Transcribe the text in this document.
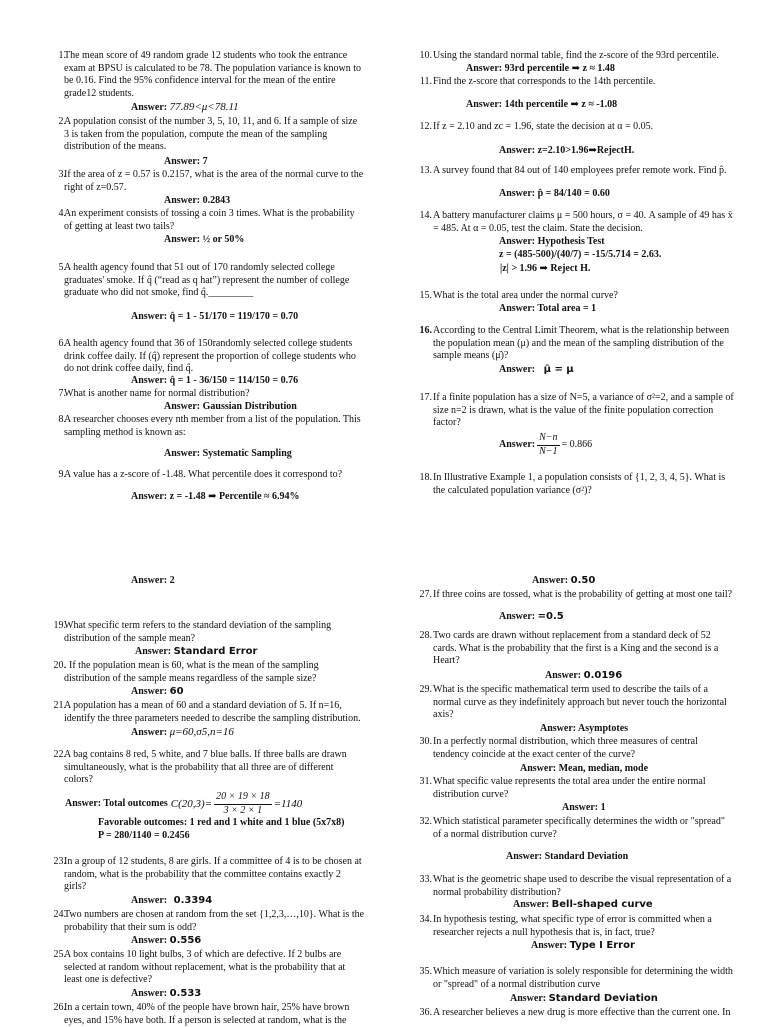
1.
The mean score of 49 random grade 12 students who took the entrance exam at BPSU is calculated to be 78. The population variance is known to be 0.16. Find the 95% confidence interval for the mean of the entire grade12 students.
Answer: 77.89<μ<78.11
2.
A population consist of the number 3, 5, 10, 11, and 6. If a sample of size 3 is taken from the population, compute the mean of the sampling distribution of the means.
Answer: 7
3.
If the area of z = 0.57 is 0.2157, what is the area of the normal curve to the right of z=0.57.
Answer: 0.2843
4.
An experiment consists of tossing a coin 3 times. What is the probability of getting at least two tails?
Answer: ½ or 50%
5.
A health agency found that 51 out of 170 randomly selected college graduates' smoke. If q̂ (“read as q hat”) represent the number of college graduate who did not smoke, find q̂._________
Answer: q̂ = 1 - 51/170 = 119/170 = 0.70
6.
A health agency found that 36 of 150randomly selected college students drink coffee daily. If (q̂) represent the proportion of college students who do not drink coffee daily, find q̂.
Answer: q̂ = 1 - 36/150 = 114/150 = 0.76
7.
What is another name for normal distribution?
Answer: Gaussian Distribution
8.
A researcher chooses every nth member from a list of the population. This sampling method is known as:
Answer: Systematic Sampling
9.
A value has a z-score of -1.48. What percentile does it correspond to?
Answer: z = -1.48 ➡ Percentile ≈ 6.94%
Answer: 2
19.
What specific term refers to the standard deviation of the sampling distribution of the sample mean?
Answer: Standard Error
20.
. If the population mean is 60, what is the mean of the sampling distribution of the sample means regardless of the sample size?
Answer: 60
21.
A population has a mean of 60 and a standard deviation of 5. If n=16, identify the three parameters needed to describe the sampling distribution.
Answer: μ=60,σ5,n=16
22.
A bag contains 8 red, 5 white, and 7 blue balls. If three balls are drawn simultaneously, what is the probability that all three are of different colors?
Answer: Total outcomes $C(20,3)= \frac{20 \times 19 \times 18}{3 \times 2 \times 1} =1140$
Favorable outcomes: 1 red and 1 white and 1 blue (5x7x8)
P = 280/1140 = 0.2456
23.
In a group of 12 students, 8 are girls. If a committee of 4 is to be chosen at random, what is the probability that the committee contains exactly 2 girls?
Answer: 0.3394
24.
Two numbers are chosen at random from the set {1,2,3,…,10}. What is the probability that their sum is odd?
Answer: 0.556
25.
A box contains 10 light bulbs, 3 of which are defective. If 2 bulbs are selected at random without replacement, what is the probability that at least one is defective?
Answer: 0.533
26.
In a certain town, 40% of the people have brown hair, 25% have brown eyes, and 15% have both. If a person is selected at random, what is the
10. Using the standard normal table, find the z-score of the 93rd percentile.
Answer: 93rd percentile ➡ z ≈ 1.48
11. Find the z-score that corresponds to the 14th percentile.
Answer: 14th percentile ➡ z ≈ -1.08
12. If z = 2.10 and zc = 1.96, state the decision at α = 0.05.
Answer: z=2.10>1.96➡RejectH.
13. A survey found that 84 out of 140 employees prefer remote work. Find p̂.
Answer: p̂ = 84/140 = 0.60
14. A battery manufacturer claims μ = 500 hours, σ = 40. A sample of 49 has x̄ = 485. At α = 0.05, test the claim. State the decision.
Answer: Hypothesis Test
z = (485-500)/(40/7) = -15/5.714 = 2.63.
|z| > 1.96 ➡ Reject H.
15. What is the total area under the normal curve?
Answer: Total area = 1
16. According to the Central Limit Theorem, what is the relationship between the population mean (μ) and the mean of the sampling distribution of the sample means (μ̄)?
Answer: μ̄ = μ
17. If a finite population has a size of N=5, a variance of σ²=2, and a sample of size n=2 is drawn, what is the value of the finite population correction factor?
Answer: $\frac{N-n}{N-1} = 0.866$
18. In Illustrative Example 1, a population consists of {1, 2, 3, 4, 5}. What is the calculated population variance (σ²)?
Answer: 0.50
27. If three coins are tossed, what is the probability of getting at most one tail?
Answer: =0.5
28. Two cards are drawn without replacement from a standard deck of 52 cards. What is the probability that the first is a King and the second is a Heart?
Answer: 0.0196
29. What is the specific mathematical term used to describe the tails of a normal curve as they indefinitely approach but never touch the horizontal axis?
Answer: Asymptotes
30. In a perfectly normal distribution, which three measures of central tendency coincide at the exact center of the curve?
Answer: Mean, median, mode
31. What specific value represents the total area under the entire normal distribution curve?
Answer: 1
32. Which statistical parameter specifically determines the width or "spread" of a normal distribution curve?
Answer: Standard Deviation
33. What is the geometric shape used to describe the visual representation of a normal probability distribution?
Answer: Bell-shaped curve
34. In hypothesis testing, what specific type of error is committed when a researcher rejects a null hypothesis that is, in fact, true?
Answer: Type I Error
35. Which measure of variation is solely responsible for determining the width or "spread" of a normal distribution curve
Answer: Standard Deviation
36. A researcher believes a new drug is more effective than the current one. In
